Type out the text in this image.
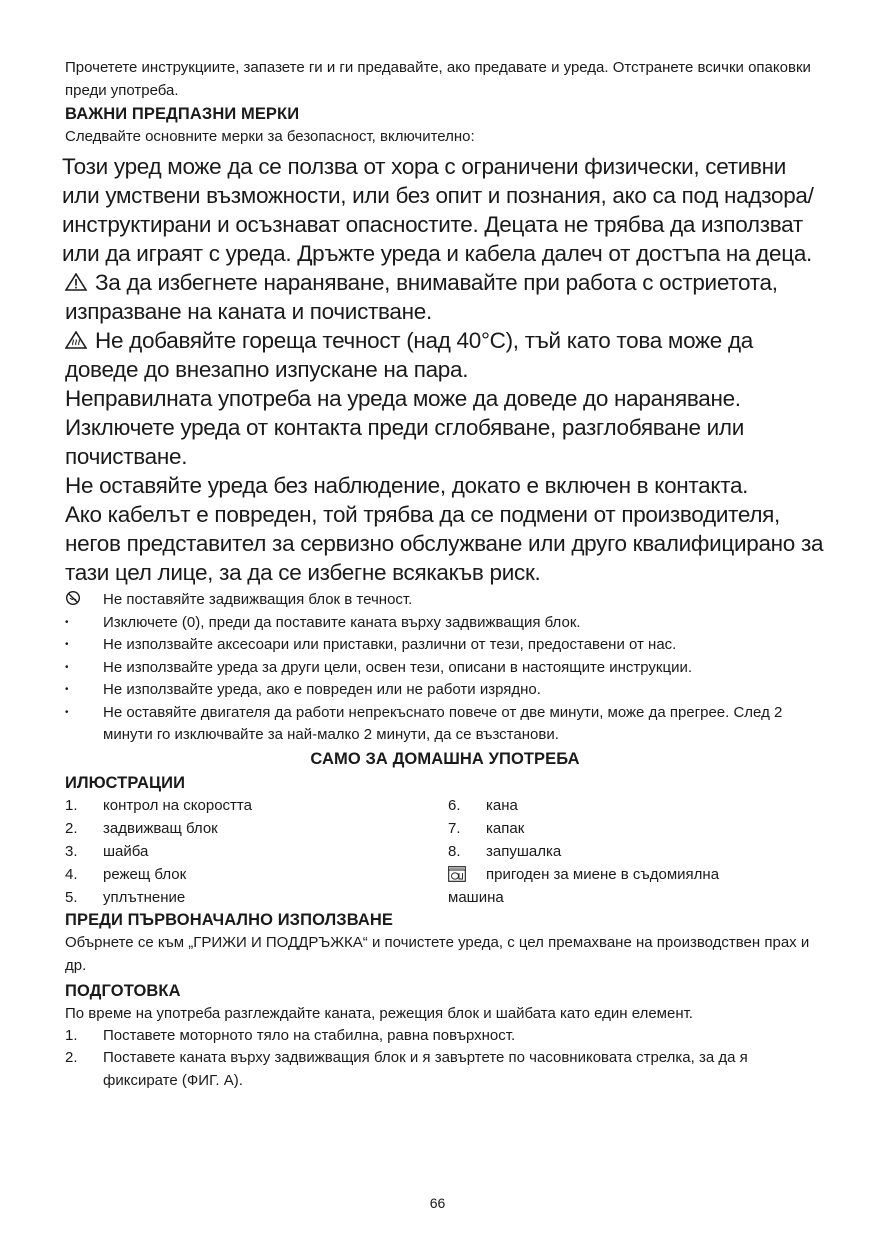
Прочетете инструкциите, запазете ги и ги предавайте, ако предавате и уреда. Отстранете всички опаковки преди употреба.

ВАЖНИ ПРЕДПАЗНИ МЕРКИ

Следвайте основните мерки за безопасност, включително:

Този уред може да се ползва от хора с ограничени физически, сетивни или умствени възможности, или без опит и познания, ако са под надзора/инструктирани и осъзнават опасностите. Децата не трябва да използват или да играят с уреда. Дръжте уреда и кабела далеч от достъпа на деца.

За да избегнете нараняване, внимавайте при работа с остриетота, изпразване на каната и почистване.

Не добавяйте гореща течност (над 40°C), тъй като това може да доведе до внезапно изпускане на пара.

Неправилната употреба на уреда може да доведе до нараняване.

Изключете уреда от контакта преди сглобяване, разглобяване или почистване.

Не оставяйте уреда без наблюдение, докато е включен в контакта.

Ако кабелът е повреден, той трябва да се подмени от производителя, негов представител за сервизно обслужване или друго квалифицирано за тази цел лице, за да се избегне всякакъв риск.

Не поставяйте задвижващия блок в течност.
•	Изключете (0), преди да поставите каната върху задвижващия блок.
•	Не използвайте аксесоари или приставки, различни от тези, предоставени от нас.
•	Не използвайте уреда за други цели, освен тези, описани в настоящите инструкции.
•	Не използвайте уреда, ако е повреден или не работи изрядно.
•	Не оставяйте двигателя да работи непрекъснато повече от две минути, може да прегрее. След 2 минути го изключвайте за най-малко 2 минути, да се възстанови.

САМО ЗА ДОМАШНА УПОТРЕБА

ИЛЮСТРАЦИИ

1. контрол на скоростта
2. задвижващ блок
3. шайба
4. режещ блок
5. уплътнение
6. кана
7. капак
8. запушалка
пригоден за миене в съдомиялна
машина

ПРЕДИ ПЪРВОНАЧАЛНО ИЗПОЛЗВАНЕ

Обърнете се към „ГРИЖИ И ПОДДРЪЖКА“ и почистете уреда, с цел премахване на производствен прах и др.

ПОДГОТОВКА

По време на употреба разглеждайте каната, режещия блок и шайбата като един елемент.

1.	Поставете моторното тяло на стабилна, равна повърхност.
2.	Поставете каната върху задвижващия блок и я завъртете по часовниковата стрелка, за да я фиксирате (ФИГ. A).
66
